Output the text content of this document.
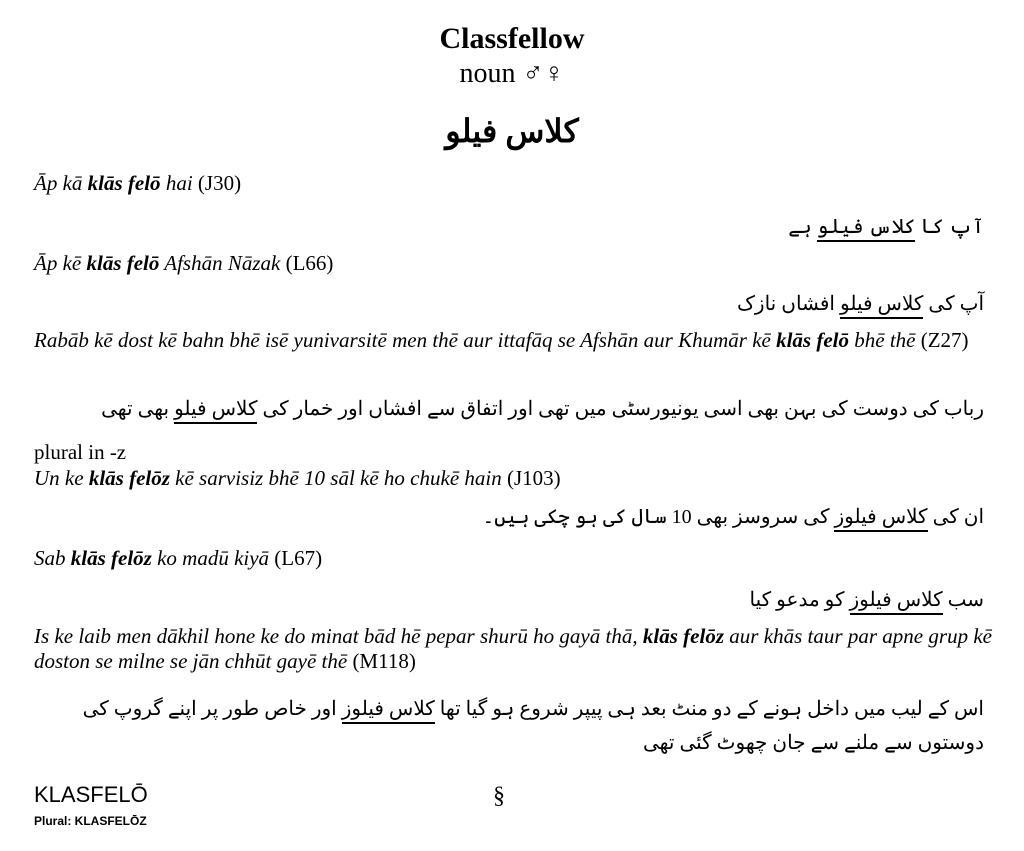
Classfellow
noun ♂♀
کلاس فیلو
Āp kā klās felō hai (J30)
آپ کا کلاس فیلو ہے
Āp kē klās felō Afshān Nāzak (L66)
آپ کی کلاس فیلو افشاں نازک
Rabāb kē dost kē bahn bhē isē yunivarsitē men thē aur ittafāq se Afshān aur Khumār kē klās felō bhē thē (Z27)
رباب کی دوست کی بہن بھی اسی یونیورسٹی میں تھی اور اتفاق سے افشاں اور خمار کی کلاس فیلو بھی تھی
plural in -z
Un ke klās felōz kē sarvisiz bhē 10 sāl kē ho chukē hain (J103)
ان کی کلاس فیلوز کی سروسز بھی 10 سال کی ہو چکی ہیں۔
Sab klās felōz ko madū kiyā (L67)
سب کلاس فیلوز کو مدعو کیا
Is ke laib men dākhil hone ke do minat bād hē pepar shurū ho gayā thā, klās felōz aur khās taur par apne grup kē doston se milne se jān chhūt gayē thē (M118)
اس کے لیب میں داخل ہونے کے دو منٹ بعد ہی پیپر شروع ہو گیا تھا کلاس فیلوز اور خاص طور پر اپنے گروپ کی دوستوں سے ملنے سے جان چھوٹ گئی تھی
KLASFELŌ
Plural: KLASFELŌZ
§
